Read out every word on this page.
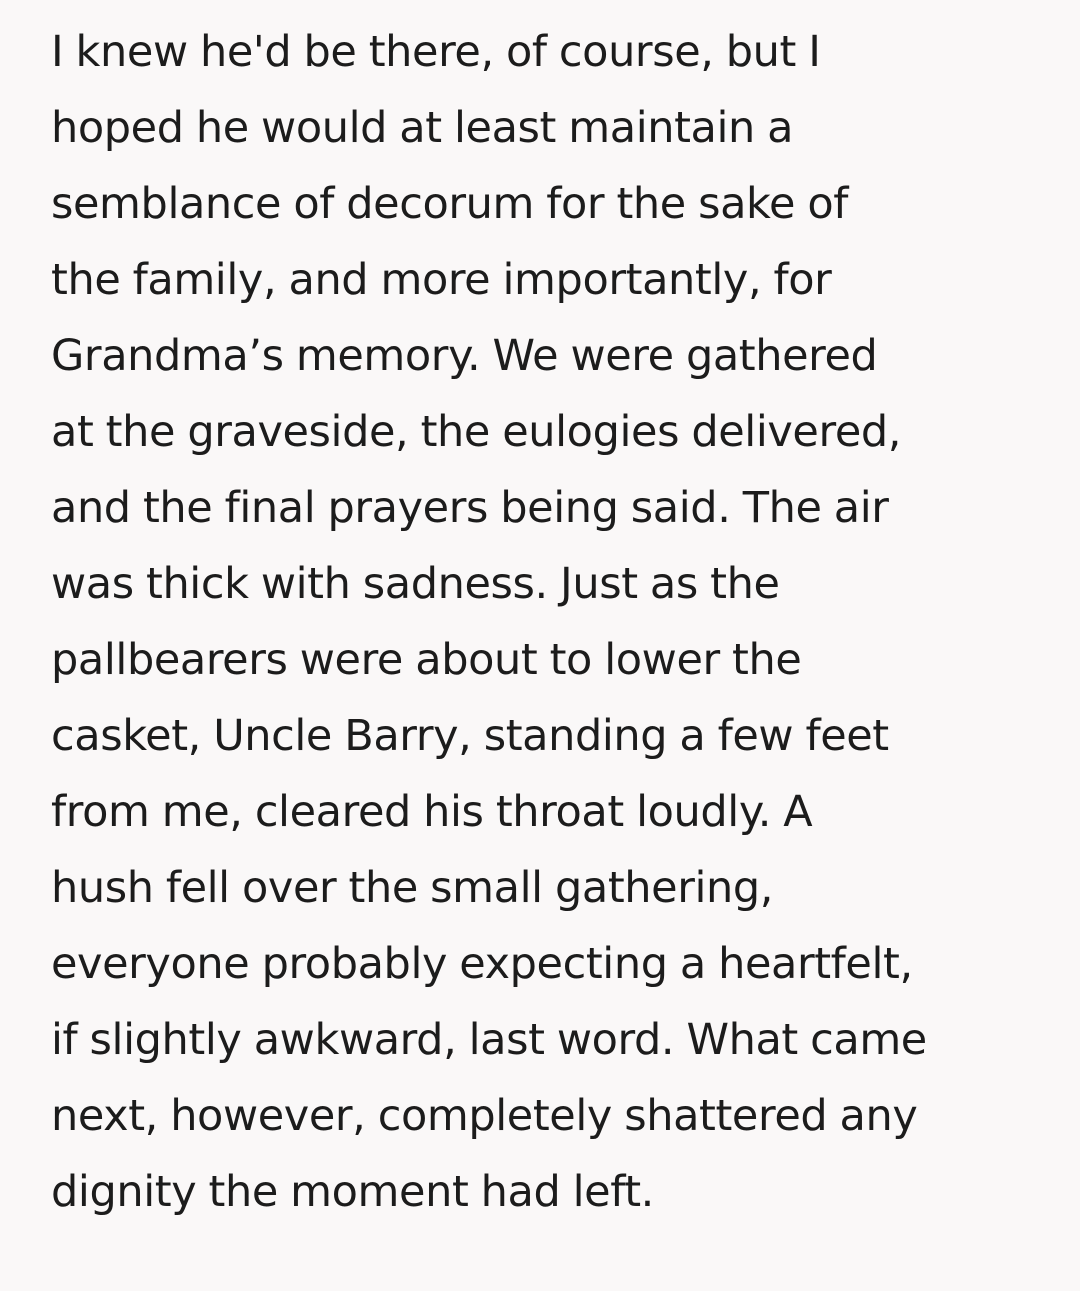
I knew he'd be there, of course, but I
hoped he would at least maintain a
semblance of decorum for the sake of
the family, and more importantly, for
Grandma’s memory. We were gathered
at the graveside, the eulogies delivered,
and the final prayers being said. The air
was thick with sadness. Just as the
pallbearers were about to lower the
casket, Uncle Barry, standing a few feet
from me, cleared his throat loudly. A
hush fell over the small gathering,
everyone probably expecting a heartfelt,
if slightly awkward, last word. What came
next, however, completely shattered any
dignity the moment had left.
